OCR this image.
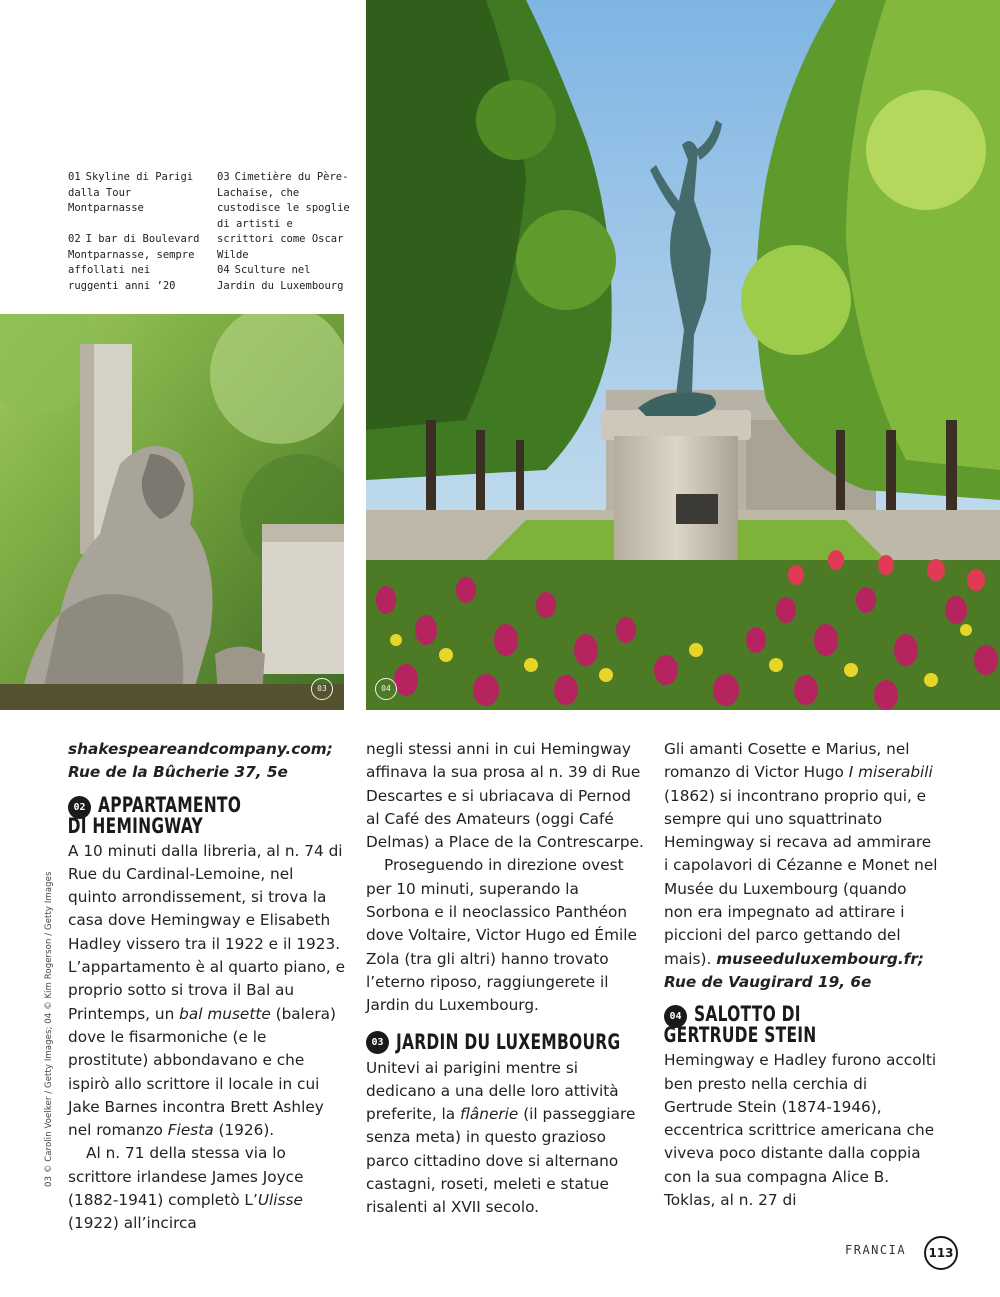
01 Skyline di Parigi dalla Tour Montparnasse
02 I bar di Boulevard Montparnasse, sempre affollati nei ruggenti anni ’20
03 Cimetière du Père-Lachaise, che custodisce le spoglie di artisti e scrittori come Oscar Wilde
04 Sculture nel Jardin du Luxembourg
03	04
03 © Carolin Voelker / Getty Images; 04 © Kim Rogerson / Getty Images

shakespeareandcompany.com;
Rue de la Bûcherie 37, 5e

02 APPARTAMENTO
DI HEMINGWAY

A 10 minuti dalla libreria, al n. 74 di Rue du Cardinal-Lemoine, nel quinto arrondissement, si trova la casa dove Hemingway e Elisabeth Hadley vissero tra il 1922 e il 1923. L’appartamento è al quarto piano, e proprio sotto si trova il Bal au Printemps, un bal musette (balera) dove le fisarmoniche (e le prostitute) abbondavano e che ispirò allo scrittore il locale in cui Jake Barnes incontra Brett Ashley nel romanzo Fiesta (1926).

Al n. 71 della stessa via lo scrittore irlandese James Joyce (1882-1941) completò L’Ulisse (1922) all’incirca

negli stessi anni in cui Hemingway affinava la sua prosa al n. 39 di Rue Descartes e si ubriacava di Pernod al Café des Amateurs (oggi Café Delmas) a Place de la Contrescarpe.

Proseguendo in direzione ovest per 10 minuti, superando la Sorbona e il neoclassico Panthéon dove Voltaire, Victor Hugo ed Émile Zola (tra gli altri) hanno trovato l’eterno riposo, raggiungerete il Jardin du Luxembourg.

03 JARDIN DU LUXEMBOURG

Unitevi ai parigini mentre si dedicano a una delle loro attività preferite, la flânerie (il passeggiare senza meta) in questo grazioso parco cittadino dove si alternano castagni, roseti, meleti e statue risalenti al XVII secolo.

Gli amanti Cosette e Marius, nel romanzo di Victor Hugo I miserabili (1862) si incontrano proprio qui, e sempre qui uno squattrinato Hemingway si recava ad ammirare i capolavori di Cézanne e Monet nel Musée du Luxembourg (quando non era impegnato ad attirare i piccioni del parco gettando del mais). museeduluxembourg.fr; Rue de Vaugirard 19, 6e

04 SALOTTO DI
GERTRUDE STEIN

Hemingway e Hadley furono accolti ben presto nella cerchia di Gertrude Stein (1874-1946), eccentrica scrittrice americana che viveva poco distante dalla coppia con la sua compagna Alice B. Toklas, al n. 27 di

FRANCIA	113
